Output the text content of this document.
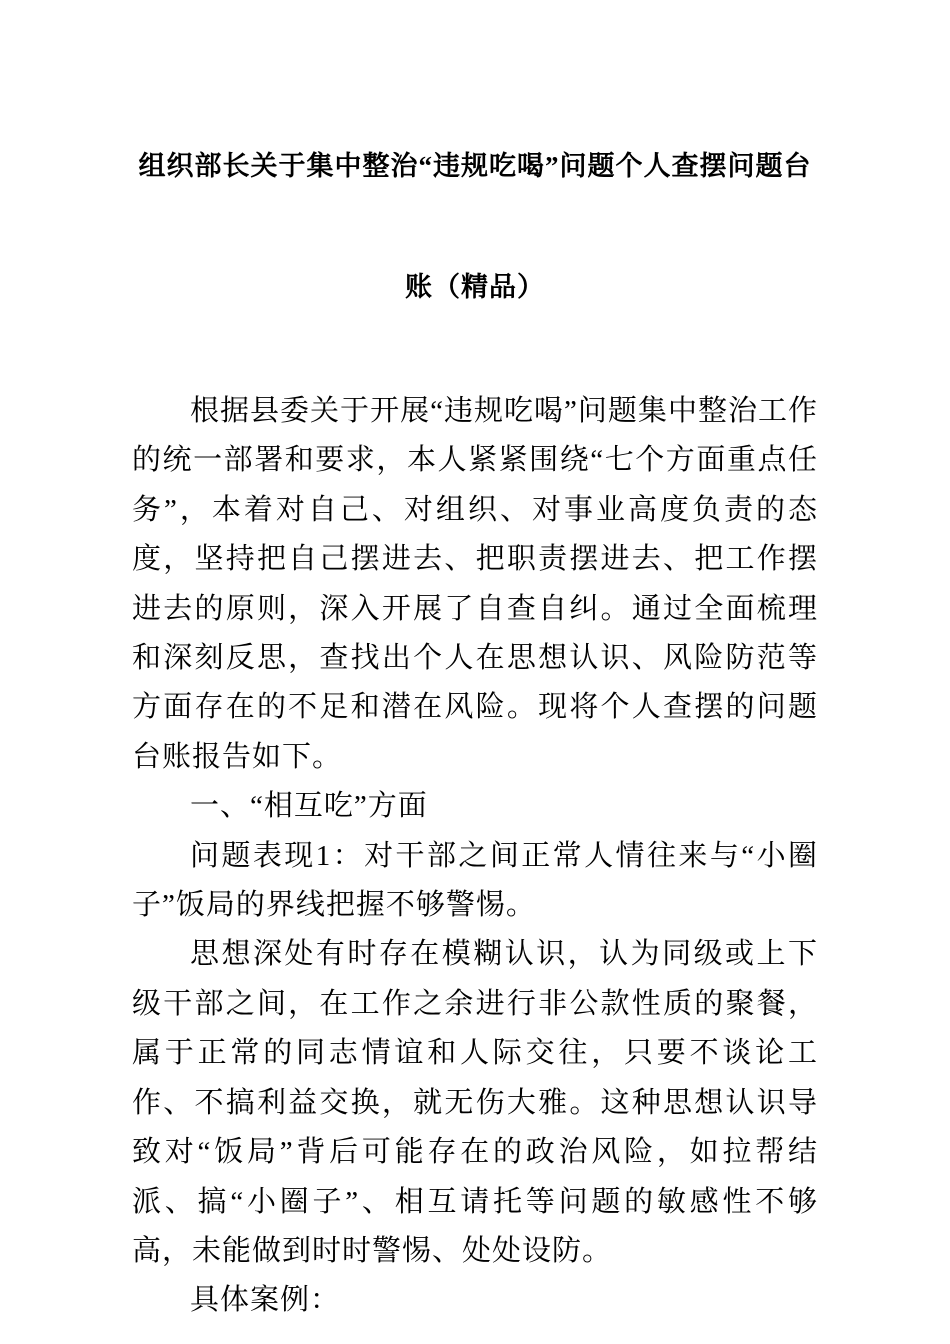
组织部长关于集中整治“违规吃喝”问题个人查摆问题台
账（精品）

根据县委关于开展“违规吃喝”问题集中整治工作的统一部署和要求，本人紧紧围绕“七个方面重点任务”，本着对自己、对组织、对事业高度负责的态度，坚持把自己摆进去、把职责摆进去、把工作摆进去的原则，深入开展了自查自纠。通过全面梳理和深刻反思，查找出个人在思想认识、风险防范等方面存在的不足和潜在风险。现将个人查摆的问题台账报告如下。

一、“相互吃”方面

问题表现1：对干部之间正常人情往来与“小圈子”饭局的界线把握不够警惕。

思想深处有时存在模糊认识，认为同级或上下级干部之间，在工作之余进行非公款性质的聚餐，属于正常的同志情谊和人际交往，只要不谈论工作、不搞利益交换，就无伤大雅。这种思想认识导致对“饭局”背后可能存在的政治风险，如拉帮结派、搞“小圈子”、相互请托等问题的敏感性不够高，未能做到时时警惕、处处设防。

具体案例：
